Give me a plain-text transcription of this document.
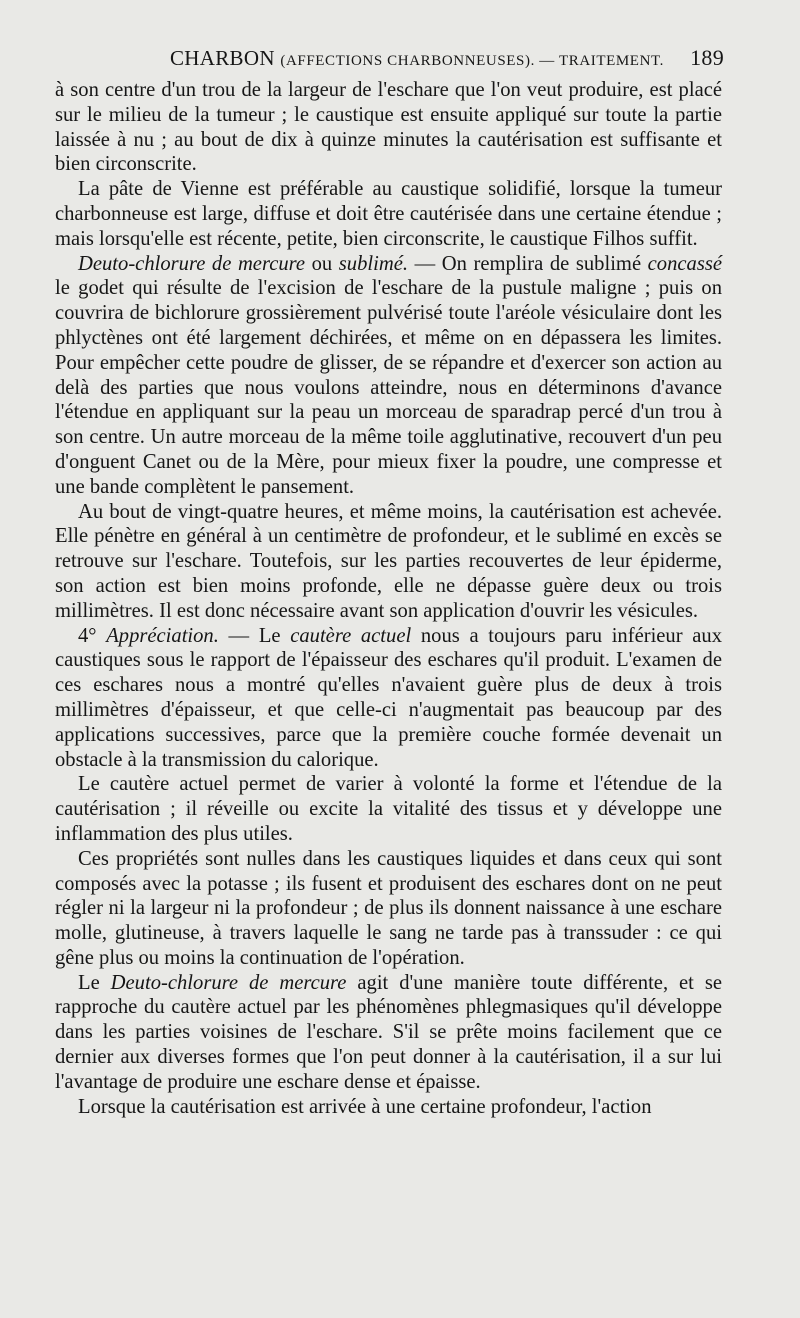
CHARBON (AFFECTIONS CHARBONNEUSES). — TRAITEMENT. 189

à son centre d'un trou de la largeur de l'eschare que l'on veut produire, est placé sur le milieu de la tumeur ; le caustique est ensuite appliqué sur toute la partie laissée à nu ; au bout de dix à quinze minutes la cautérisation est suffisante et bien circonscrite.

La pâte de Vienne est préférable au caustique solidifié, lorsque la tumeur charbonneuse est large, diffuse et doit être cautérisée dans une certaine étendue ; mais lorsqu'elle est récente, petite, bien circonscrite, le caustique Filhos suffit.

Deuto-chlorure de mercure ou sublimé. — On remplira de sublimé concassé le godet qui résulte de l'excision de l'eschare de la pustule maligne ; puis on couvrira de bichlorure grossièrement pulvérisé toute l'aréole vésiculaire dont les phlyctènes ont été largement déchirées, et même on en dépassera les limites. Pour empêcher cette poudre de glisser, de se répandre et d'exercer son action au delà des parties que nous voulons atteindre, nous en déterminons d'avance l'étendue en appliquant sur la peau un morceau de sparadrap percé d'un trou à son centre. Un autre morceau de la même toile agglutinative, recouvert d'un peu d'onguent Canet ou de la Mère, pour mieux fixer la poudre, une compresse et une bande complètent le pansement.

Au bout de vingt-quatre heures, et même moins, la cautérisation est achevée. Elle pénètre en général à un centimètre de profondeur, et le sublimé en excès se retrouve sur l'eschare. Toutefois, sur les parties recouvertes de leur épiderme, son action est bien moins profonde, elle ne dépasse guère deux ou trois millimètres. Il est donc nécessaire avant son application d'ouvrir les vésicules.

4° Appréciation. — Le cautère actuel nous a toujours paru inférieur aux caustiques sous le rapport de l'épaisseur des eschares qu'il produit. L'examen de ces eschares nous a montré qu'elles n'avaient guère plus de deux à trois millimètres d'épaisseur, et que celle-ci n'augmentait pas beaucoup par des applications successives, parce que la première couche formée devenait un obstacle à la transmission du calorique.

Le cautère actuel permet de varier à volonté la forme et l'étendue de la cautérisation ; il réveille ou excite la vitalité des tissus et y développe une inflammation des plus utiles.

Ces propriétés sont nulles dans les caustiques liquides et dans ceux qui sont composés avec la potasse ; ils fusent et produisent des eschares dont on ne peut régler ni la largeur ni la profondeur ; de plus ils donnent naissance à une eschare molle, glutineuse, à travers laquelle le sang ne tarde pas à transsuder : ce qui gêne plus ou moins la continuation de l'opération.

Le Deuto-chlorure de mercure agit d'une manière toute différente, et se rapproche du cautère actuel par les phénomènes phlegmasiques qu'il développe dans les parties voisines de l'eschare. S'il se prête moins facilement que ce dernier aux diverses formes que l'on peut donner à la cautérisation, il a sur lui l'avantage de produire une eschare dense et épaisse.

Lorsque la cautérisation est arrivée à une certaine profondeur, l'action
